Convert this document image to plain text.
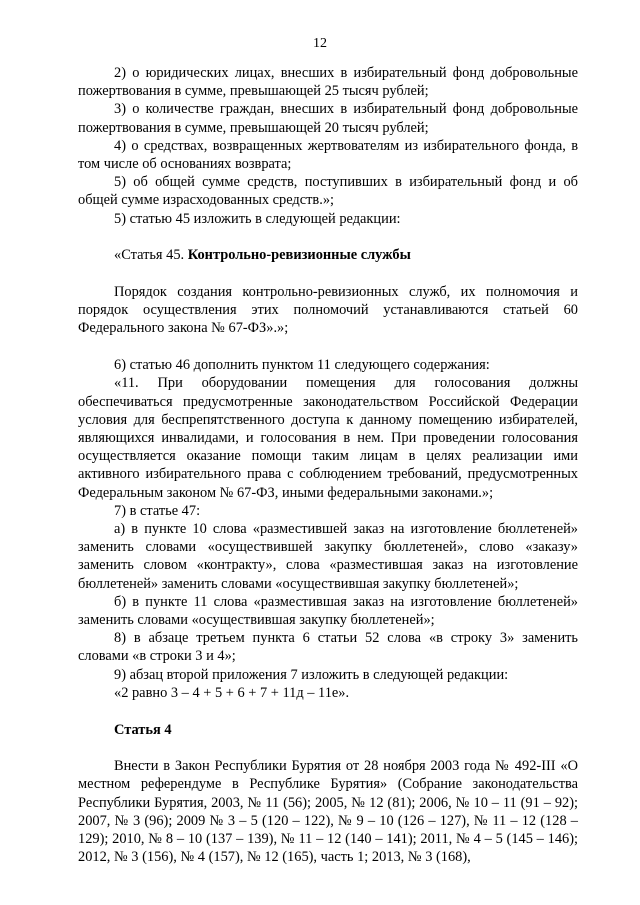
12

2) о юридических лицах, внесших в избирательный фонд добровольные пожертвования в сумме, превышающей 25 тысяч рублей;

3) о количестве граждан, внесших в избирательный фонд добровольные пожертвования в сумме, превышающей 20 тысяч рублей;

4) о средствах, возвращенных жертвователям из избирательного фонда, в том числе об основаниях возврата;

5) об общей сумме средств, поступивших в избирательный фонд и об общей сумме израсходованных средств.»;

5) статью 45 изложить в следующей редакции:

«Статья 45. Контрольно-ревизионные службы

Порядок создания контрольно-ревизионных служб, их полномочия и порядок осуществления этих полномочий устанавливаются статьей 60 Федерального закона № 67-ФЗ».»;

6) статью 46 дополнить пунктом 11 следующего содержания:

«11. При оборудовании помещения для голосования должны обеспечиваться предусмотренные законодательством Российской Федерации условия для беспрепятственного доступа к данному помещению избирателей, являющихся инвалидами, и голосования в нем. При проведении голосования осуществляется оказание помощи таким лицам в целях реализации ими активного избирательного права с соблюдением требований, предусмотренных Федеральным законом № 67-ФЗ, иными федеральными законами.»;

7) в статье 47:

а) в пункте 10 слова «разместившей заказ на изготовление бюллетеней» заменить словами «осуществившей закупку бюллетеней», слово «заказу» заменить словом «контракту», слова «разместившая заказ на изготовление бюллетеней» заменить словами «осуществившая закупку бюллетеней»;

б) в пункте 11 слова «разместившая заказ на изготовление бюллетеней» заменить словами «осуществившая закупку бюллетеней»;

8) в абзаце третьем пункта 6 статьи 52 слова «в строку 3» заменить словами «в строки 3 и 4»;

9) абзац второй приложения 7 изложить в следующей редакции:

«2 равно 3 – 4 + 5 + 6 + 7 + 11д – 11е».

Статья 4

Внести в Закон Республики Бурятия от 28 ноября 2003 года № 492-III «О местном референдуме в Республике Бурятия» (Собрание законодательства Республики Бурятия, 2003, № 11 (56); 2005, № 12 (81); 2006, № 10 – 11 (91 – 92); 2007, № 3 (96); 2009 № 3 – 5 (120 – 122), № 9 – 10 (126 – 127), № 11 – 12 (128 – 129); 2010, № 8 – 10 (137 – 139), № 11 – 12 (140 – 141); 2011, № 4 – 5 (145 – 146); 2012, № 3 (156), № 4 (157), № 12 (165), часть 1; 2013, № 3 (168),
